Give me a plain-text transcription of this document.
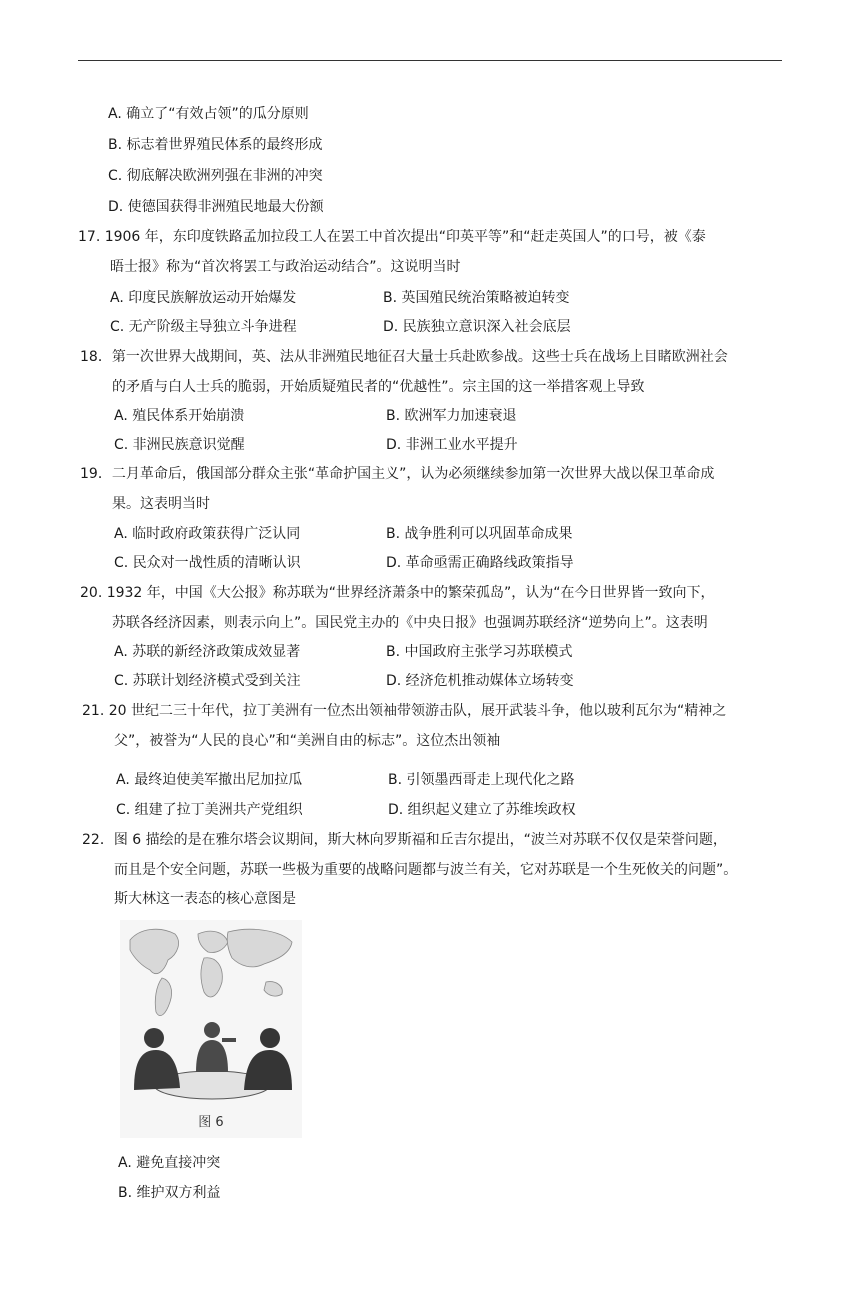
A. 确立了“有效占领”的瓜分原则
B. 标志着世界殖民体系的最终形成
C. 彻底解决欧洲列强在非洲的冲突
D. 使德国获得非洲殖民地最大份额
17. 1906 年，东印度铁路孟加拉段工人在罢工中首次提出“印英平等”和“赶走英国人”的口号，被《泰
晤士报》称为“首次将罢工与政治运动结合”。这说明当时
A. 印度民族解放运动开始爆发	B. 英国殖民统治策略被迫转变
C. 无产阶级主导独立斗争进程	D. 民族独立意识深入社会底层
18．第一次世界大战期间，英、法从非洲殖民地征召大量士兵赴欧参战。这些士兵在战场上目睹欧洲社会
的矛盾与白人士兵的脆弱，开始质疑殖民者的“优越性”。宗主国的这一举措客观上导致
A. 殖民体系开始崩溃	B. 欧洲军力加速衰退
C. 非洲民族意识觉醒	D. 非洲工业水平提升
19．二月革命后，俄国部分群众主张“革命护国主义”，认为必须继续参加第一次世界大战以保卫革命成
果。这表明当时
A. 临时政府政策获得广泛认同	B. 战争胜利可以巩固革命成果
C. 民众对一战性质的清晰认识	D. 革命亟需正确路线政策指导
20. 1932 年，中国《大公报》称苏联为“世界经济萧条中的繁荣孤岛”，认为“在今日世界皆一致向下，
苏联各经济因素，则表示向上”。国民党主办的《中央日报》也强调苏联经济“逆势向上”。这表明
A. 苏联的新经济政策成效显著	B. 中国政府主张学习苏联模式
C. 苏联计划经济模式受到关注	D. 经济危机推动媒体立场转变
21. 20 世纪二三十年代，拉丁美洲有一位杰出领袖带领游击队，展开武装斗争，他以玻利瓦尔为“精神之
父”，被誉为“人民的良心”和“美洲自由的标志”。这位杰出领袖
A. 最终迫使美军撤出尼加拉瓜	B. 引领墨西哥走上现代化之路
C. 组建了拉丁美洲共产党组织	D. 组织起义建立了苏维埃政权
22．图 6 描绘的是在雅尔塔会议期间，斯大林向罗斯福和丘吉尔提出，“波兰对苏联不仅仅是荣誉问题，
而且是个安全问题，苏联一些极为重要的战略问题都与波兰有关，它对苏联是一个生死攸关的问题”。
斯大林这一表态的核心意图是
图 6
A. 避免直接冲突
B. 维护双方利益
